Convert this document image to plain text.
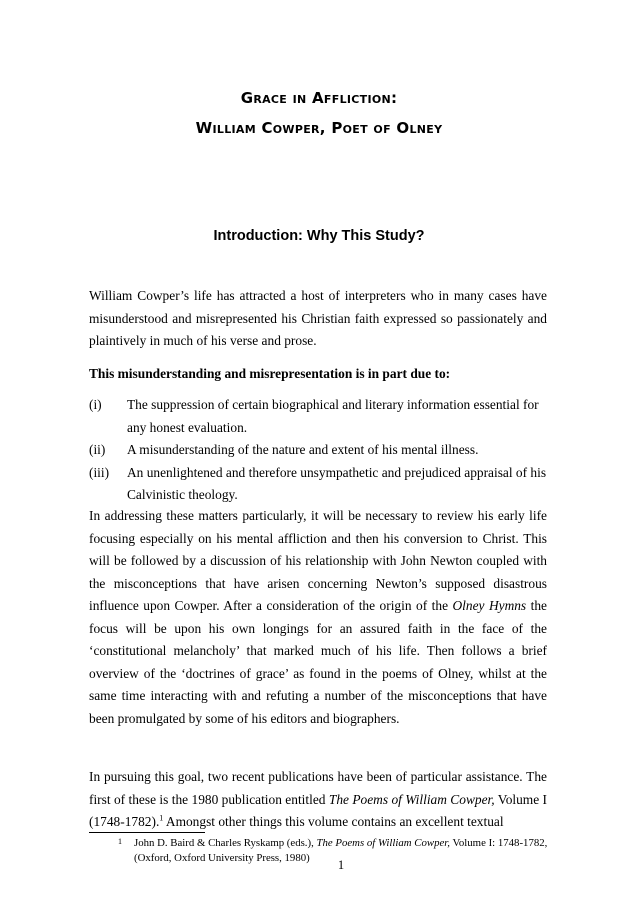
Grace in Affliction:
William Cowper, Poet of Olney
Introduction: Why This Study?

William Cowper’s life has attracted a host of interpreters who in many cases have misunderstood and misrepresented his Christian faith expressed so passionately and plaintively in much of his verse and prose.

This misunderstanding and misrepresentation is in part due to:

(i)	The suppression of certain biographical and literary information essential for any honest evaluation.
(ii)	A misunderstanding of the nature and extent of his mental illness.
(iii)	An unenlightened and therefore unsympathetic and prejudiced appraisal of his Calvinistic theology.

In addressing these matters particularly, it will be necessary to review his early life focusing especially on his mental affliction and then his conversion to Christ. This will be followed by a discussion of his relationship with John Newton coupled with the misconceptions that have arisen concerning Newton’s supposed disastrous influence upon Cowper. After a consideration of the origin of the Olney Hymns the focus will be upon his own longings for an assured faith in the face of the ‘constitutional melancholy’ that marked much of his life. Then follows a brief overview of the ‘doctrines of grace’ as found in the poems of Olney, whilst at the same time interacting with and refuting a number of the misconceptions that have been promulgated by some of his editors and biographers.

In pursuing this goal, two recent publications have been of particular assistance. The first of these is the 1980 publication entitled The Poems of William Cowper, Volume I (1748-1782).$^1$ Amongst other things this volume contains an excellent textual

1	John D. Baird & Charles Ryskamp (eds.), The Poems of William Cowper, Volume I: 1748-1782, (Oxford, Oxford University Press, 1980)	1
